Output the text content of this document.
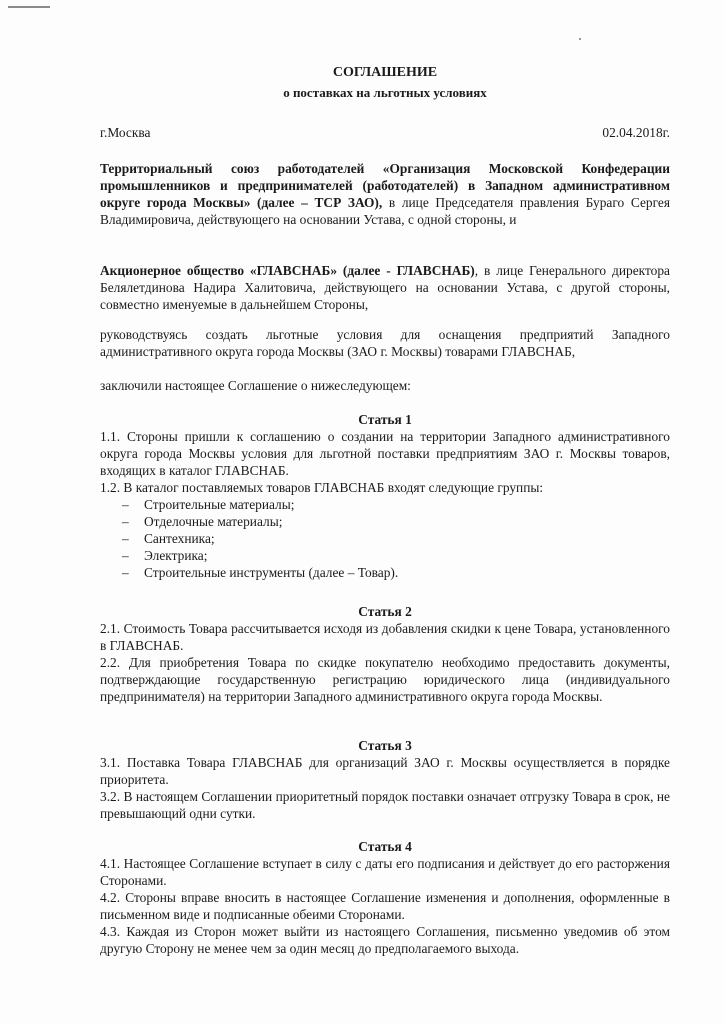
СОГЛАШЕНИЕ
о поставках на льготных условиях
г.Москва	02.04.2018г.
Территориальный союз работодателей «Организация Московской Конфедерации промышленников и предпринимателей (работодателей) в Западном административном округе города Москвы» (далее – ТСР ЗАО), в лице Председателя правления Бураго Сергея Владимировича, действующего на основании Устава, с одной стороны, и
Акционерное общество «ГЛАВСНАБ» (далее - ГЛАВСНАБ), в лице Генерального директора Белялетдинова Надира Халитовича, действующего на основании Устава, с другой стороны, совместно именуемые в дальнейшем Стороны,
руководствуясь создать льготные условия для оснащения предприятий Западного административного округа города Москвы (ЗАО г. Москвы) товарами ГЛАВСНАБ,
заключили настоящее Соглашение о нижеследующем:
Статья 1
1.1. Стороны пришли к соглашению о создании на территории Западного административного округа города Москвы условия для льготной поставки предприятиям ЗАО г. Москвы товаров, входящих в каталог ГЛАВСНАБ.
1.2. В каталог поставляемых товаров ГЛАВСНАБ входят следующие группы:
– Строительные материалы;
– Отделочные материалы;
– Сантехника;
– Электрика;
– Строительные инструменты (далее – Товар).
Статья 2
2.1. Стоимость Товара рассчитывается исходя из добавления скидки к цене Товара, установленного в ГЛАВСНАБ.
2.2. Для приобретения Товара по скидке покупателю необходимо предоставить документы, подтверждающие государственную регистрацию юридического лица (индивидуального предпринимателя) на территории Западного административного округа города Москвы.
Статья 3
3.1. Поставка Товара ГЛАВСНАБ для организаций ЗАО г. Москвы осуществляется в порядке приоритета.
3.2. В настоящем Соглашении приоритетный порядок поставки означает отгрузку Товара в срок, не превышающий одни сутки.
Статья 4
4.1. Настоящее Соглашение вступает в силу с даты его подписания и действует до его расторжения Сторонами.
4.2. Стороны вправе вносить в настоящее Соглашение изменения и дополнения, оформленные в письменном виде и подписанные обеими Сторонами.
4.3. Каждая из Сторон может выйти из настоящего Соглашения, письменно уведомив об этом другую Сторону не менее чем за один месяц до предполагаемого выхода.
